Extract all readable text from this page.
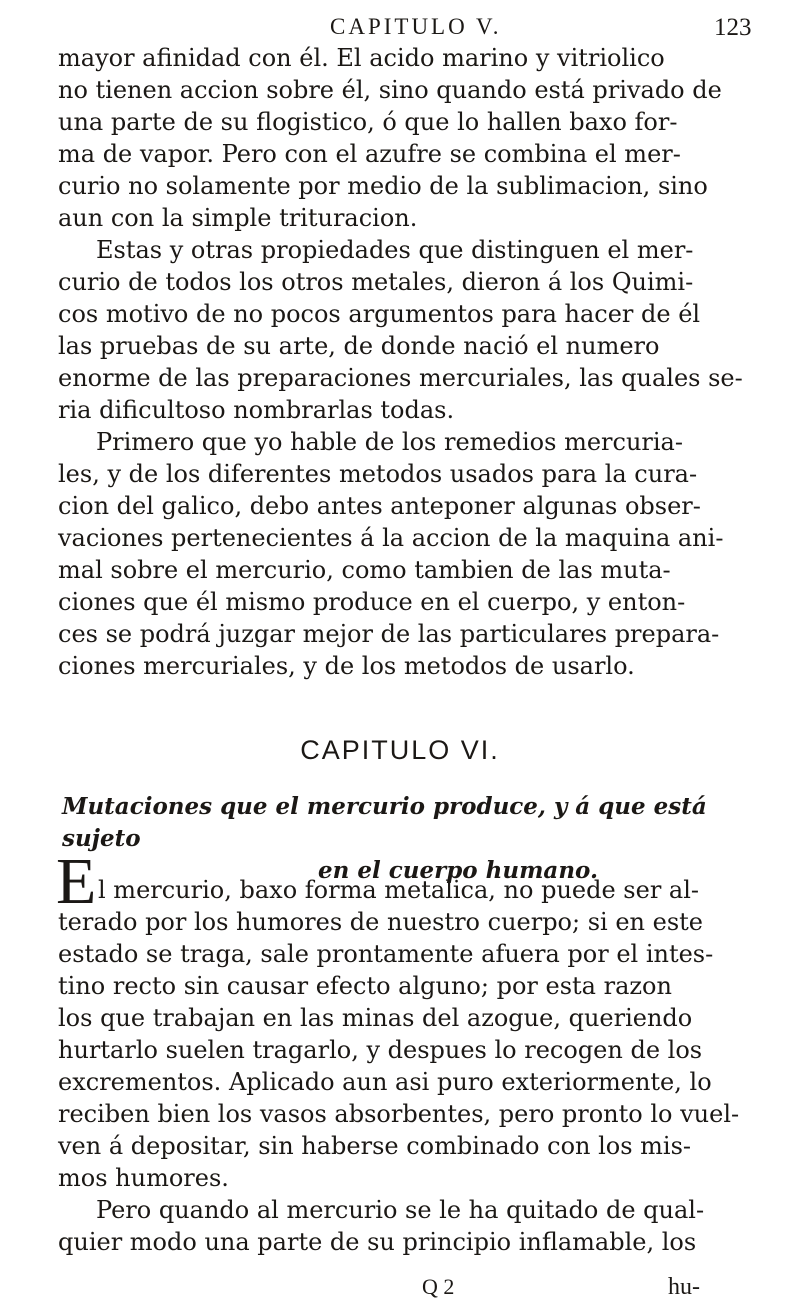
CAPITULO V.	123
mayor afinidad con él. El acido marino y vitriolico
no tienen accion sobre él, sino quando está privado de
una parte de su flogistico, ó que lo hallen baxo for-
ma de vapor. Pero con el azufre se combina el mer-
curio no solamente por medio de la sublimacion, sino
aun con la simple trituracion.
Estas y otras propiedades que distinguen el mer-
curio de todos los otros metales, dieron á los Quimi-
cos motivo de no pocos argumentos para hacer de él
las pruebas de su arte, de donde nació el numero
enorme de las preparaciones mercuriales, las quales se-
ria dificultoso nombrarlas todas.
Primero que yo hable de los remedios mercuria-
les, y de los diferentes metodos usados para la cura-
cion del galico, debo antes anteponer algunas obser-
vaciones pertenecientes á la accion de la maquina ani-
mal sobre el mercurio, como tambien de las muta-
ciones que él mismo produce en el cuerpo, y enton-
ces se podrá juzgar mejor de las particulares prepara-
ciones mercuriales, y de los metodos de usarlo.
CAPITULO VI.
Mutaciones que el mercurio produce, y á que está sujeto
en el cuerpo humano.
E l mercurio, baxo forma metalica, no puede ser al-
terado por los humores de nuestro cuerpo; si en este
estado se traga, sale prontamente afuera por el intes-
tino recto sin causar efecto alguno; por esta razon
los que trabajan en las minas del azogue, queriendo
hurtarlo suelen tragarlo, y despues lo recogen de los
excrementos. Aplicado aun asi puro exteriormente, lo
reciben bien los vasos absorbentes, pero pronto lo vuel-
ven á depositar, sin haberse combinado con los mis-
mos humores.
Pero quando al mercurio se le ha quitado de qual-
quier modo una parte de su principio inflamable, los
Q 2	hu-
